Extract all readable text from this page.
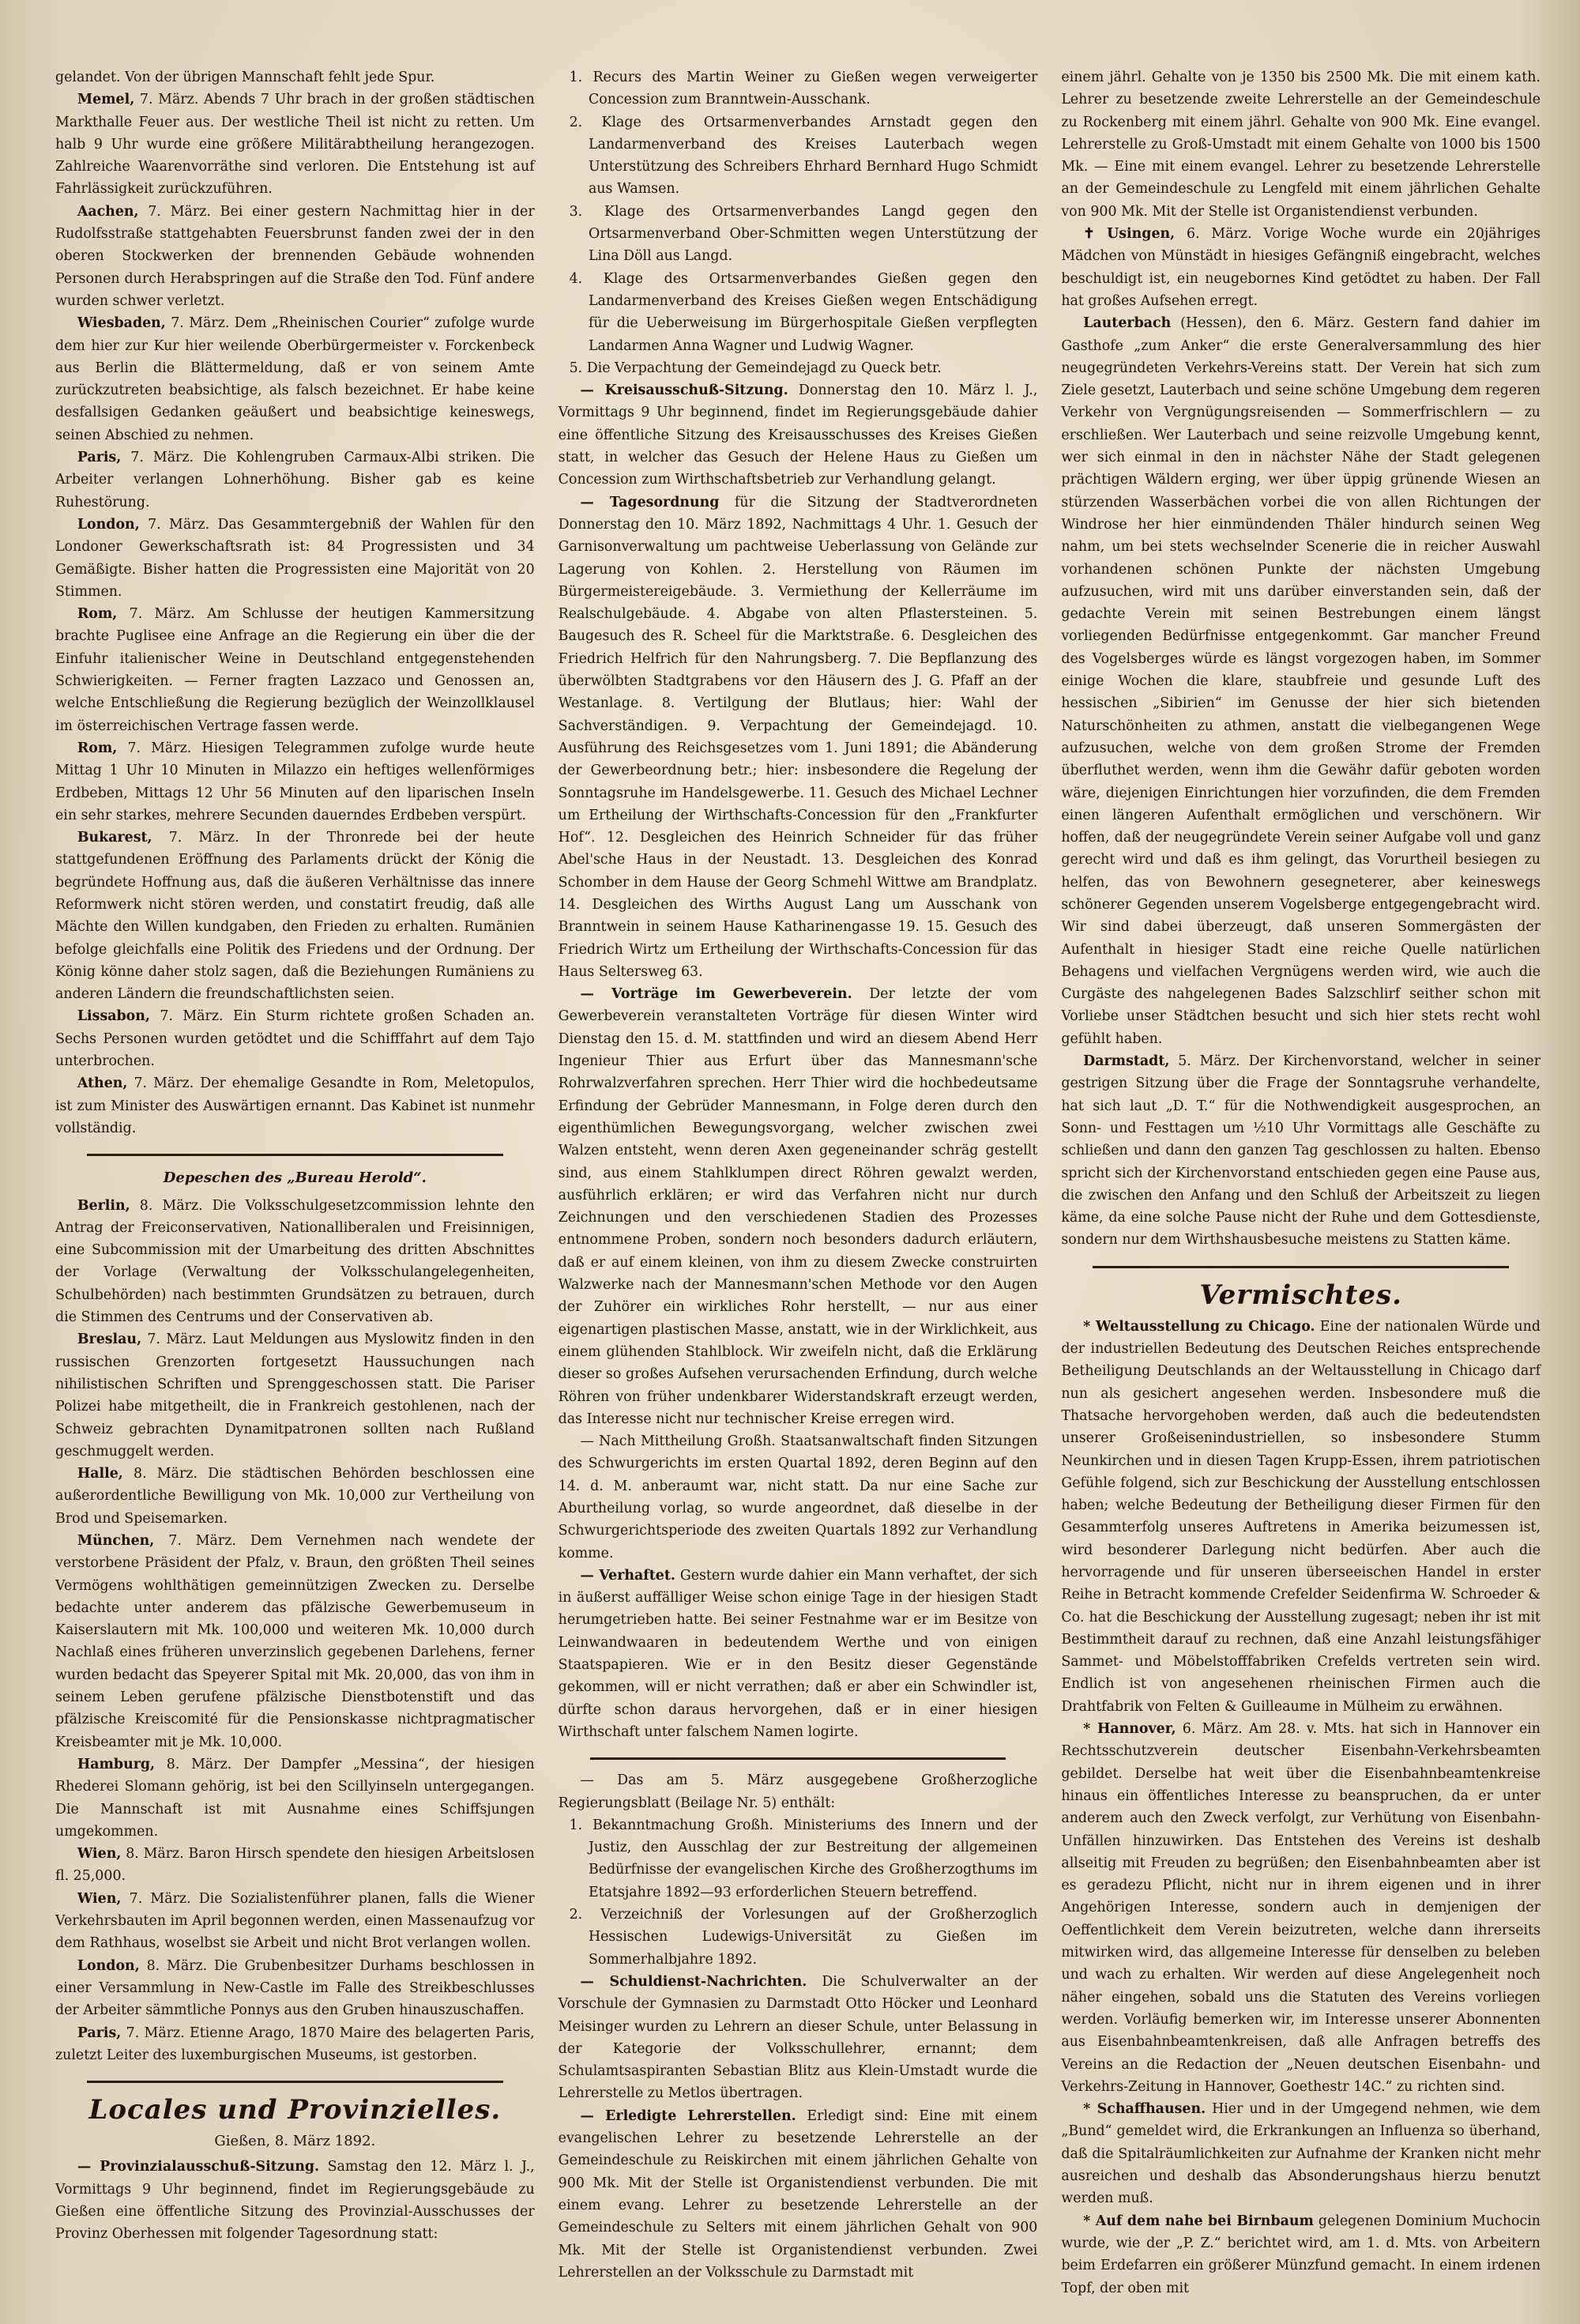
gelandet. Von der übrigen Mannschaft fehlt jede Spur.

Memel, 7. März. Abends 7 Uhr brach in der großen städtischen Markthalle Feuer aus. Der westliche Theil ist nicht zu retten. Um halb 9 Uhr wurde eine größere Militärabtheilung herangezogen. Zahlreiche Waarenvorräthe sind verloren. Die Entstehung ist auf Fahrlässigkeit zurückzuführen.

Aachen, 7. März. Bei einer gestern Nachmittag hier in der Rudolfsstraße stattgehabten Feuersbrunst fanden zwei der in den oberen Stockwerken der brennenden Gebäude wohnenden Personen durch Herabspringen auf die Straße den Tod. Fünf andere wurden schwer verletzt.

Wiesbaden, 7. März. Dem „Rheinischen Courier“ zufolge wurde dem hier zur Kur hier weilende Oberbürgermeister v. Forckenbeck aus Berlin die Blättermeldung, daß er von seinem Amte zurückzutreten beabsichtige, als falsch bezeichnet. Er habe keine desfallsigen Gedanken geäußert und beabsichtige keineswegs, seinen Abschied zu nehmen.

Paris, 7. März. Die Kohlengruben Carmaux-Albi striken. Die Arbeiter verlangen Lohnerhöhung. Bisher gab es keine Ruhestörung.

London, 7. März. Das Gesammtergebniß der Wahlen für den Londoner Gewerkschaftsrath ist: 84 Progressisten und 34 Gemäßigte. Bisher hatten die Progressisten eine Majorität von 20 Stimmen.

Rom, 7. März. Am Schlusse der heutigen Kammersitzung brachte Puglisee eine Anfrage an die Regierung ein über die der Einfuhr italienischer Weine in Deutschland entgegenstehenden Schwierigkeiten. — Ferner fragten Lazzaco und Genossen an, welche Entschließung die Regierung bezüglich der Weinzollklausel im österreichischen Vertrage fassen werde.

Rom, 7. März. Hiesigen Telegrammen zufolge wurde heute Mittag 1 Uhr 10 Minuten in Milazzo ein heftiges wellenförmiges Erdbeben, Mittags 12 Uhr 56 Minuten auf den liparischen Inseln ein sehr starkes, mehrere Secunden dauerndes Erdbeben verspürt.

Bukarest, 7. März. In der Thronrede bei der heute stattgefundenen Eröffnung des Parlaments drückt der König die begründete Hoffnung aus, daß die äußeren Verhältnisse das innere Reformwerk nicht stören werden, und constatirt freudig, daß alle Mächte den Willen kundgaben, den Frieden zu erhalten. Rumänien befolge gleichfalls eine Politik des Friedens und der Ordnung. Der König könne daher stolz sagen, daß die Beziehungen Rumäniens zu anderen Ländern die freundschaftlichsten seien.

Lissabon, 7. März. Ein Sturm richtete großen Schaden an. Sechs Personen wurden getödtet und die Schifffahrt auf dem Tajo unterbrochen.

Athen, 7. März. Der ehemalige Gesandte in Rom, Meletopulos, ist zum Minister des Auswärtigen ernannt. Das Kabinet ist nunmehr vollständig.

Depeschen des „Bureau Herold“.

Berlin, 8. März. Die Volksschulgesetzcommission lehnte den Antrag der Freiconservativen, Nationalliberalen und Freisinnigen, eine Subcommission mit der Umarbeitung des dritten Abschnittes der Vorlage (Verwaltung der Volksschulangelegenheiten, Schulbehörden) nach bestimmten Grundsätzen zu betrauen, durch die Stimmen des Centrums und der Conservativen ab.

Breslau, 7. März. Laut Meldungen aus Myslowitz finden in den russischen Grenzorten fortgesetzt Haussuchungen nach nihilistischen Schriften und Sprenggeschossen statt. Die Pariser Polizei habe mitgetheilt, die in Frankreich gestohlenen, nach der Schweiz gebrachten Dynamitpatronen sollten nach Rußland geschmuggelt werden.

Halle, 8. März. Die städtischen Behörden beschlossen eine außerordentliche Bewilligung von Mk. 10,000 zur Vertheilung von Brod und Speisemarken.

München, 7. März. Dem Vernehmen nach wendete der verstorbene Präsident der Pfalz, v. Braun, den größten Theil seines Vermögens wohlthätigen gemeinnützigen Zwecken zu. Derselbe bedachte unter anderem das pfälzische Gewerbemuseum in Kaiserslautern mit Mk. 100,000 und weiteren Mk. 10,000 durch Nachlaß eines früheren unverzinslich gegebenen Darlehens, ferner wurden bedacht das Speyerer Spital mit Mk. 20,000, das von ihm in seinem Leben gerufene pfälzische Dienstbotenstift und das pfälzische Kreiscomité für die Pensionskasse nichtpragmatischer Kreisbeamter mit je Mk. 10,000.

Hamburg, 8. März. Der Dampfer „Messina“, der hiesigen Rhederei Slomann gehörig, ist bei den Scillyinseln untergegangen. Die Mannschaft ist mit Ausnahme eines Schiffsjungen umgekommen.

Wien, 8. März. Baron Hirsch spendete den hiesigen Arbeitslosen fl. 25,000.

Wien, 7. März. Die Sozialistenführer planen, falls die Wiener Verkehrsbauten im April begonnen werden, einen Massenaufzug vor dem Rathhaus, woselbst sie Arbeit und nicht Brot verlangen wollen.

London, 8. März. Die Grubenbesitzer Durhams beschlossen in einer Versammlung in New-Castle im Falle des Streikbeschlusses der Arbeiter sämmtliche Ponnys aus den Gruben hinauszuschaffen.

Paris, 7. März. Etienne Arago, 1870 Maire des belagerten Paris, zuletzt Leiter des luxemburgischen Museums, ist gestorben.

Locales und Provinzielles.
Gießen, 8. März 1892.

— Provinzialausschuß-Sitzung. Samstag den 12. März l. J., Vormittags 9 Uhr beginnend, findet im Regierungsgebäude zu Gießen eine öffentliche Sitzung des Provinzial-Ausschusses der Provinz Oberhessen mit folgender Tagesordnung statt:

1. Recurs des Martin Weiner zu Gießen wegen verweigerter Concession zum Branntwein-Ausschank.

2. Klage des Ortsarmenverbandes Arnstadt gegen den Landarmenverband des Kreises Lauterbach wegen Unterstützung des Schreibers Ehrhard Bernhard Hugo Schmidt aus Wamsen.

3. Klage des Ortsarmenverbandes Langd gegen den Ortsarmenverband Ober-Schmitten wegen Unterstützung der Lina Döll aus Langd.

4. Klage des Ortsarmenverbandes Gießen gegen den Landarmenverband des Kreises Gießen wegen Entschädigung für die Ueberweisung im Bürgerhospitale Gießen verpflegten Landarmen Anna Wagner und Ludwig Wagner.

5. Die Verpachtung der Gemeindejagd zu Queck betr.

— Kreisausschuß-Sitzung. Donnerstag den 10. März l. J., Vormittags 9 Uhr beginnend, findet im Regierungsgebäude dahier eine öffentliche Sitzung des Kreisausschusses des Kreises Gießen statt, in welcher das Gesuch der Helene Haus zu Gießen um Concession zum Wirthschaftsbetrieb zur Verhandlung gelangt.

— Tagesordnung für die Sitzung der Stadtverordneten Donnerstag den 10. März 1892, Nachmittags 4 Uhr. 1. Gesuch der Garnisonverwaltung um pachtweise Ueberlassung von Gelände zur Lagerung von Kohlen. 2. Herstellung von Räumen im Bürgermeistereigebäude. 3. Vermiethung der Kellerräume im Realschulgebäude. 4. Abgabe von alten Pflastersteinen. 5. Baugesuch des R. Scheel für die Marktstraße. 6. Desgleichen des Friedrich Helfrich für den Nahrungsberg. 7. Die Bepflanzung des überwölbten Stadtgrabens vor den Häusern des J. G. Pfaff an der Westanlage. 8. Vertilgung der Blutlaus; hier: Wahl der Sachverständigen. 9. Verpachtung der Gemeindejagd. 10. Ausführung des Reichsgesetzes vom 1. Juni 1891; die Abänderung der Gewerbeordnung betr.; hier: insbesondere die Regelung der Sonntagsruhe im Handelsgewerbe. 11. Gesuch des Michael Lechner um Ertheilung der Wirthschafts-Concession für den „Frankfurter Hof“. 12. Desgleichen des Heinrich Schneider für das früher Abel'sche Haus in der Neustadt. 13. Desgleichen des Konrad Schomber in dem Hause der Georg Schmehl Wittwe am Brandplatz. 14. Desgleichen des Wirths August Lang um Ausschank von Branntwein in seinem Hause Katharinengasse 19. 15. Gesuch des Friedrich Wirtz um Ertheilung der Wirthschafts-Concession für das Haus Seltersweg 63.

— Vorträge im Gewerbeverein. Der letzte der vom Gewerbeverein veranstalteten Vorträge für diesen Winter wird Dienstag den 15. d. M. stattfinden und wird an diesem Abend Herr Ingenieur Thier aus Erfurt über das Mannesmann'sche Rohrwalzverfahren sprechen. Herr Thier wird die hochbedeutsame Erfindung der Gebrüder Mannesmann, in Folge deren durch den eigenthümlichen Bewegungsvorgang, welcher zwischen zwei Walzen entsteht, wenn deren Axen gegeneinander schräg gestellt sind, aus einem Stahlklumpen direct Röhren gewalzt werden, ausführlich erklären; er wird das Verfahren nicht nur durch Zeichnungen und den verschiedenen Stadien des Prozesses entnommene Proben, sondern noch besonders dadurch erläutern, daß er auf einem kleinen, von ihm zu diesem Zwecke construirten Walzwerke nach der Mannesmann'schen Methode vor den Augen der Zuhörer ein wirkliches Rohr herstellt, — nur aus einer eigenartigen plastischen Masse, anstatt, wie in der Wirklichkeit, aus einem glühenden Stahlblock. Wir zweifeln nicht, daß die Erklärung dieser so großes Aufsehen verursachenden Erfindung, durch welche Röhren von früher undenkbarer Widerstandskraft erzeugt werden, das Interesse nicht nur technischer Kreise erregen wird.

— Nach Mittheilung Großh. Staatsanwaltschaft finden Sitzungen des Schwurgerichts im ersten Quartal 1892, deren Beginn auf den 14. d. M. anberaumt war, nicht statt. Da nur eine Sache zur Aburtheilung vorlag, so wurde angeordnet, daß dieselbe in der Schwurgerichtsperiode des zweiten Quartals 1892 zur Verhandlung komme.

— Verhaftet. Gestern wurde dahier ein Mann verhaftet, der sich in äußerst auffälliger Weise schon einige Tage in der hiesigen Stadt herumgetrieben hatte. Bei seiner Festnahme war er im Besitze von Leinwandwaaren in bedeutendem Werthe und von einigen Staatspapieren. Wie er in den Besitz dieser Gegenstände gekommen, will er nicht verrathen; daß er aber ein Schwindler ist, dürfte schon daraus hervorgehen, daß er in einer hiesigen Wirthschaft unter falschem Namen logirte.

— Das am 5. März ausgegebene Großherzogliche Regierungsblatt (Beilage Nr. 5) enthält:

1. Bekanntmachung Großh. Ministeriums des Innern und der Justiz, den Ausschlag der zur Bestreitung der allgemeinen Bedürfnisse der evangelischen Kirche des Großherzogthums im Etatsjahre 1892—93 erforderlichen Steuern betreffend.

2. Verzeichniß der Vorlesungen auf der Großherzoglich Hessischen Ludewigs-Universität zu Gießen im Sommerhalbjahre 1892.

— Schuldienst-Nachrichten. Die Schulverwalter an der Vorschule der Gymnasien zu Darmstadt Otto Höcker und Leonhard Meisinger wurden zu Lehrern an dieser Schule, unter Belassung in der Kategorie der Volksschullehrer, ernannt; dem Schulamtsaspiranten Sebastian Blitz aus Klein-Umstadt wurde die Lehrerstelle zu Metlos übertragen.

— Erledigte Lehrerstellen. Erledigt sind: Eine mit einem evangelischen Lehrer zu besetzende Lehrerstelle an der Gemeindeschule zu Reiskirchen mit einem jährlichen Gehalte von 900 Mk. Mit der Stelle ist Organistendienst verbunden. Die mit einem evang. Lehrer zu besetzende Lehrerstelle an der Gemeindeschule zu Selters mit einem jährlichen Gehalt von 900 Mk. Mit der Stelle ist Organistendienst verbunden. Zwei Lehrerstellen an der Volksschule zu Darmstadt mit

einem jährl. Gehalte von je 1350 bis 2500 Mk. Die mit einem kath. Lehrer zu besetzende zweite Lehrerstelle an der Gemeindeschule zu Rockenberg mit einem jährl. Gehalte von 900 Mk. Eine evangel. Lehrerstelle zu Groß-Umstadt mit einem Gehalte von 1000 bis 1500 Mk. — Eine mit einem evangel. Lehrer zu besetzende Lehrerstelle an der Gemeindeschule zu Lengfeld mit einem jährlichen Gehalte von 900 Mk. Mit der Stelle ist Organistendienst verbunden.

✝ Usingen, 6. März. Vorige Woche wurde ein 20jähriges Mädchen von Münstädt in hiesiges Gefängniß eingebracht, welches beschuldigt ist, ein neugebornes Kind getödtet zu haben. Der Fall hat großes Aufsehen erregt.

Lauterbach (Hessen), den 6. März. Gestern fand dahier im Gasthofe „zum Anker“ die erste Generalversammlung des hier neugegründeten Verkehrs-Vereins statt. Der Verein hat sich zum Ziele gesetzt, Lauterbach und seine schöne Umgebung dem regeren Verkehr von Vergnügungsreisenden — Sommerfrischlern — zu erschließen. Wer Lauterbach und seine reizvolle Umgebung kennt, wer sich einmal in den in nächster Nähe der Stadt gelegenen prächtigen Wäldern erging, wer über üppig grünende Wiesen an stürzenden Wasserbächen vorbei die von allen Richtungen der Windrose her hier einmündenden Thäler hindurch seinen Weg nahm, um bei stets wechselnder Scenerie die in reicher Auswahl vorhandenen schönen Punkte der nächsten Umgebung aufzusuchen, wird mit uns darüber einverstanden sein, daß der gedachte Verein mit seinen Bestrebungen einem längst vorliegenden Bedürfnisse entgegenkommt. Gar mancher Freund des Vogelsberges würde es längst vorgezogen haben, im Sommer einige Wochen die klare, staubfreie und gesunde Luft des hessischen „Sibirien“ im Genusse der hier sich bietenden Naturschönheiten zu athmen, anstatt die vielbegangenen Wege aufzusuchen, welche von dem großen Strome der Fremden überfluthet werden, wenn ihm die Gewähr dafür geboten worden wäre, diejenigen Einrichtungen hier vorzufinden, die dem Fremden einen längeren Aufenthalt ermöglichen und verschönern. Wir hoffen, daß der neugegründete Verein seiner Aufgabe voll und ganz gerecht wird und daß es ihm gelingt, das Vorurtheil besiegen zu helfen, das von Bewohnern gesegneterer, aber keineswegs schönerer Gegenden unserem Vogelsberge entgegengebracht wird. Wir sind dabei überzeugt, daß unseren Sommergästen der Aufenthalt in hiesiger Stadt eine reiche Quelle natürlichen Behagens und vielfachen Vergnügens werden wird, wie auch die Curgäste des nahgelegenen Bades Salzschlirf seither schon mit Vorliebe unser Städtchen besucht und sich hier stets recht wohl gefühlt haben.

Darmstadt, 5. März. Der Kirchenvorstand, welcher in seiner gestrigen Sitzung über die Frage der Sonntagsruhe verhandelte, hat sich laut „D. T.“ für die Nothwendigkeit ausgesprochen, an Sonn- und Festtagen um ½10 Uhr Vormittags alle Geschäfte zu schließen und dann den ganzen Tag geschlossen zu halten. Ebenso spricht sich der Kirchenvorstand entschieden gegen eine Pause aus, die zwischen den Anfang und den Schluß der Arbeitszeit zu liegen käme, da eine solche Pause nicht der Ruhe und dem Gottesdienste, sondern nur dem Wirthshausbesuche meistens zu Statten käme.

Vermischtes.

* Weltausstellung zu Chicago. Eine der nationalen Würde und der industriellen Bedeutung des Deutschen Reiches entsprechende Betheiligung Deutschlands an der Weltausstellung in Chicago darf nun als gesichert angesehen werden. Insbesondere muß die Thatsache hervorgehoben werden, daß auch die bedeutendsten unserer Großeisenindustriellen, so insbesondere Stumm Neunkirchen und in diesen Tagen Krupp-Essen, ihrem patriotischen Gefühle folgend, sich zur Beschickung der Ausstellung entschlossen haben; welche Bedeutung der Betheiligung dieser Firmen für den Gesammterfolg unseres Auftretens in Amerika beizumessen ist, wird besonderer Darlegung nicht bedürfen. Aber auch die hervorragende und für unseren überseeischen Handel in erster Reihe in Betracht kommende Crefelder Seidenfirma W. Schroeder & Co. hat die Beschickung der Ausstellung zugesagt; neben ihr ist mit Bestimmtheit darauf zu rechnen, daß eine Anzahl leistungsfähiger Sammet- und Möbelstofffabriken Crefelds vertreten sein wird. Endlich ist von angesehenen rheinischen Firmen auch die Drahtfabrik von Felten & Guilleaume in Mülheim zu erwähnen.

* Hannover, 6. März. Am 28. v. Mts. hat sich in Hannover ein Rechtsschutzverein deutscher Eisenbahn-Verkehrsbeamten gebildet. Derselbe hat weit über die Eisenbahnbeamtenkreise hinaus ein öffentliches Interesse zu beanspruchen, da er unter anderem auch den Zweck verfolgt, zur Verhütung von Eisenbahn-Unfällen hinzuwirken. Das Entstehen des Vereins ist deshalb allseitig mit Freuden zu begrüßen; den Eisenbahnbeamten aber ist es geradezu Pflicht, nicht nur in ihrem eigenen und in ihrer Angehörigen Interesse, sondern auch in demjenigen der Oeffentlichkeit dem Verein beizutreten, welche dann ihrerseits mitwirken wird, das allgemeine Interesse für denselben zu beleben und wach zu erhalten. Wir werden auf diese Angelegenheit noch näher eingehen, sobald uns die Statuten des Vereins vorliegen werden. Vorläufig bemerken wir, im Interesse unserer Abonnenten aus Eisenbahnbeamtenkreisen, daß alle Anfragen betreffs des Vereins an die Redaction der „Neuen deutschen Eisenbahn- und Verkehrs-Zeitung in Hannover, Goethestr 14C.“ zu richten sind.

* Schaffhausen. Hier und in der Umgegend nehmen, wie dem „Bund“ gemeldet wird, die Erkrankungen an Influenza so überhand, daß die Spitalräumlichkeiten zur Aufnahme der Kranken nicht mehr ausreichen und deshalb das Absonderungshaus hierzu benutzt werden muß.

* Auf dem nahe bei Birnbaum gelegenen Dominium Muchocin wurde, wie der „P. Z.“ berichtet wird, am 1. d. Mts. von Arbeitern beim Erdefarren ein größerer Münzfund gemacht. In einem irdenen Topf, der oben mit
